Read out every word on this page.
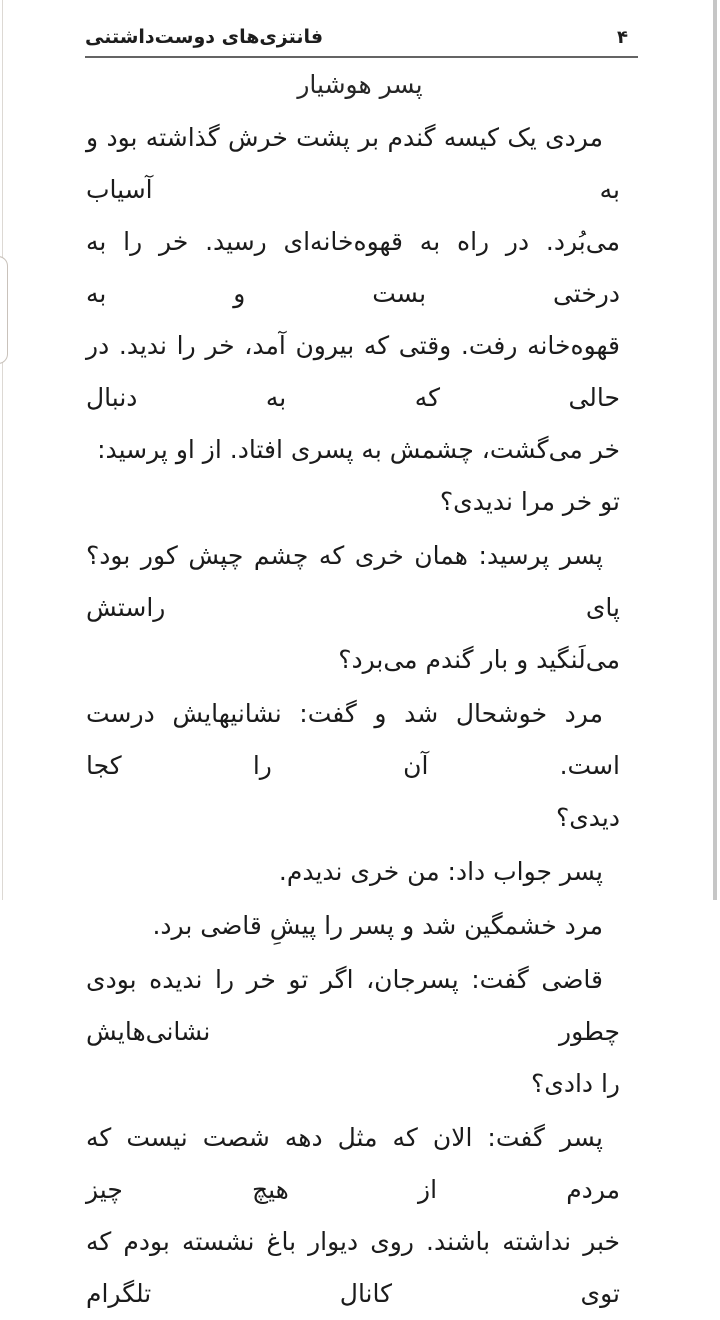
فانتزی‌های دوست‌داشتنی	۴
پسر هوشیار

مردی یک کیسه گندم بر پشت خرش گذاشته بود و به آسیاب
می‌بُرد. در راه به قهوه‌خانه‌ای رسید. خر را به درختی بست و به
قهوه‌خانه رفت. وقتی که بیرون آمد، خر را ندید. در حالی که به دنبال
خر می‌گشت، چشمش به پسری افتاد. از او پرسید: تو خر مرا ندیدی؟

پسر پرسید: همان خری که چشم چپش کور بود؟ پای راستش
می‌لَنگید و بار گندم می‌برد؟

مرد خوشحال شد و گفت: نشانیهایش درست است. آن را کجا
دیدی؟

پسر جواب داد: من خری ندیدم.

مرد خشمگین شد و پسر را پیشِ قاضی برد.

قاضی گفت: پسرجان، اگر تو خر را ندیده بودی چطور نشانی‌هایش
را دادی؟

پسر گفت: الان که مثل دهه شصت نیست که مردم از هیچ چیز
خبر نداشته باشند. روی دیوار باغ نشسته بودم که توی کانال تلگرام
